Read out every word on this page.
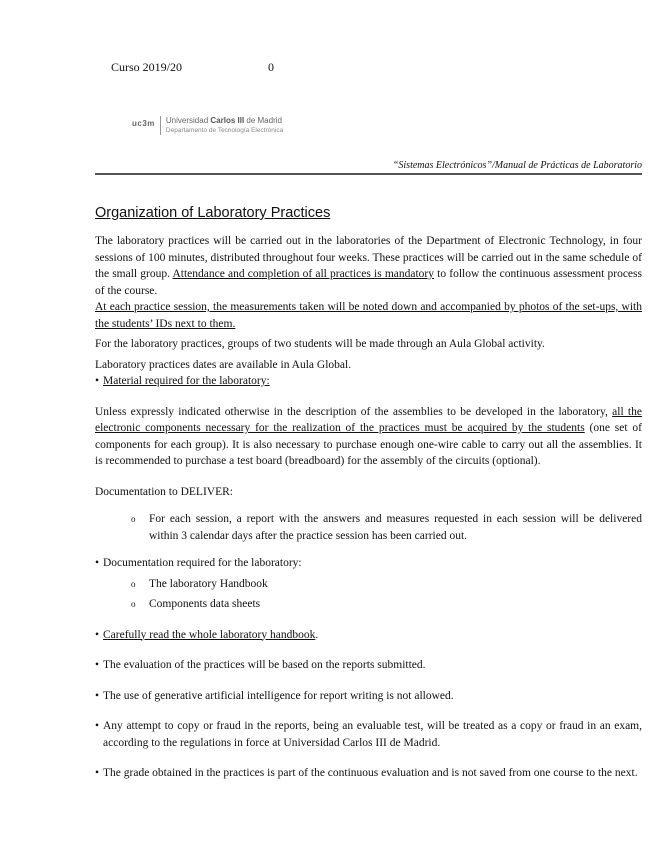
Curso 2019/20	0
uc3m Universidad Carlos III de Madrid
Departamento de Tecnología Electrónica
“Sistemas Electrónicos”/Manual de Prácticas de Laboratorio
Organization of Laboratory Practices

The laboratory practices will be carried out in the laboratories of the Department of Electronic Technology, in four sessions of 100 minutes, distributed throughout four weeks. These practices will be carried out in the same schedule of the small group. Attendance and completion of all practices is mandatory to follow the continuous assessment process of the course.

At each practice session, the measurements taken will be noted down and accompanied by photos of the set-ups, with the students’ IDs next to them.

For the laboratory practices, groups of two students will be made through an Aula Global activity.

Laboratory practices dates are available in Aula Global.

• Material required for the laboratory:

Unless expressly indicated otherwise in the description of the assemblies to be developed in the laboratory, all the electronic components necessary for the realization of the practices must be acquired by the students (one set of components for each group). It is also necessary to purchase enough one-wire cable to carry out all the assemblies. It is recommended to purchase a test board (breadboard) for the assembly of the circuits (optional).

Documentation to DELIVER:

o	For each session, a report with the answers and measures requested in each session will be delivered within 3 calendar days after the practice session has been carried out.
• Documentation required for the laboratory:
o	The laboratory Handbook
o	Components data sheets
• Carefully read the whole laboratory handbook.
• The evaluation of the practices will be based on the reports submitted.
• The use of generative artificial intelligence for report writing is not allowed.
• Any attempt to copy or fraud in the reports, being an evaluable test, will be treated as a copy or fraud in an exam, according to the regulations in force at Universidad Carlos III de Madrid.
• The grade obtained in the practices is part of the continuous evaluation and is not saved from one course to the next.
